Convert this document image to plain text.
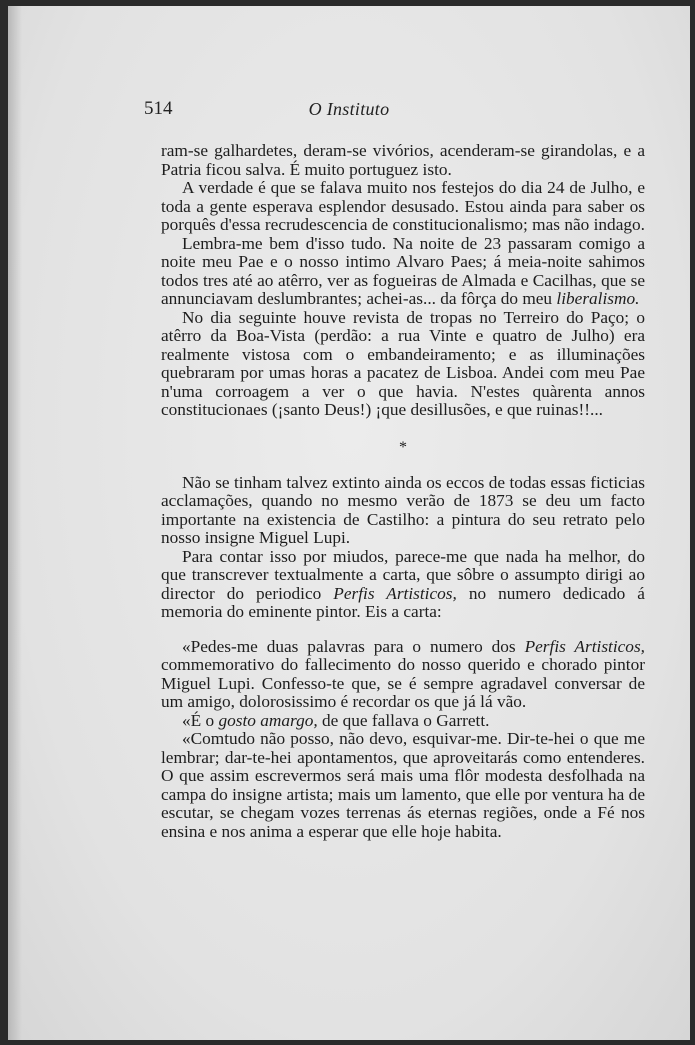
514	O Instituto

ram-se galhardetes, deram-se vivórios, acenderam-se girandolas, e a Patria ficou salva. É muito portuguez isto.

A verdade é que se falava muito nos festejos do dia 24 de Julho, e toda a gente esperava esplendor desusado. Estou ainda para saber os porquês d'essa recrudescencia de constitucionalismo; mas não indago.

Lembra-me bem d'isso tudo. Na noite de 23 passaram comigo a noite meu Pae e o nosso intimo Alvaro Paes; á meia-noite sahimos todos tres até ao atêrro, ver as fogueiras de Almada e Cacilhas, que se annunciavam deslumbrantes; achei-as... da fôrça do meu liberalismo.

No dia seguinte houve revista de tropas no Terreiro do Paço; o atêrro da Boa-Vista (perdão: a rua Vinte e quatro de Julho) era realmente vistosa com o embandeiramento; e as illuminações quebraram por umas horas a pacatez de Lisboa. Andei com meu Pae n'uma corroagem a ver o que havia. N'estes quàrenta annos constitucionaes (¡santo Deus!) ¡que desillusões, e que ruinas!!...

*

Não se tinham talvez extinto ainda os eccos de todas essas ficticias acclamações, quando no mesmo verão de 1873 se deu um facto importante na existencia de Castilho: a pintura do seu retrato pelo nosso insigne Miguel Lupi.

Para contar isso por miudos, parece-me que nada ha melhor, do que transcrever textualmente a carta, que sôbre o assumpto dirigi ao director do periodico Perfis Artisticos, no numero dedicado á memoria do eminente pintor. Eis a carta:

«Pedes-me duas palavras para o numero dos Perfis Artisticos, commemorativo do fallecimento do nosso querido e chorado pintor Miguel Lupi. Confesso-te que, se é sempre agradavel conversar de um amigo, dolorosissimo é recordar os que já lá vão.

«É o gosto amargo, de que fallava o Garrett.

«Comtudo não posso, não devo, esquivar-me. Dir-te-hei o que me lembrar; dar-te-hei apontamentos, que aproveitarás como entenderes. O que assim escrevermos será mais uma flôr modesta desfolhada na campa do insigne artista; mais um lamento, que elle por ventura ha de escutar, se chegam vozes terrenas ás eternas regiões, onde a Fé nos ensina e nos anima a esperar que elle hoje habita.
